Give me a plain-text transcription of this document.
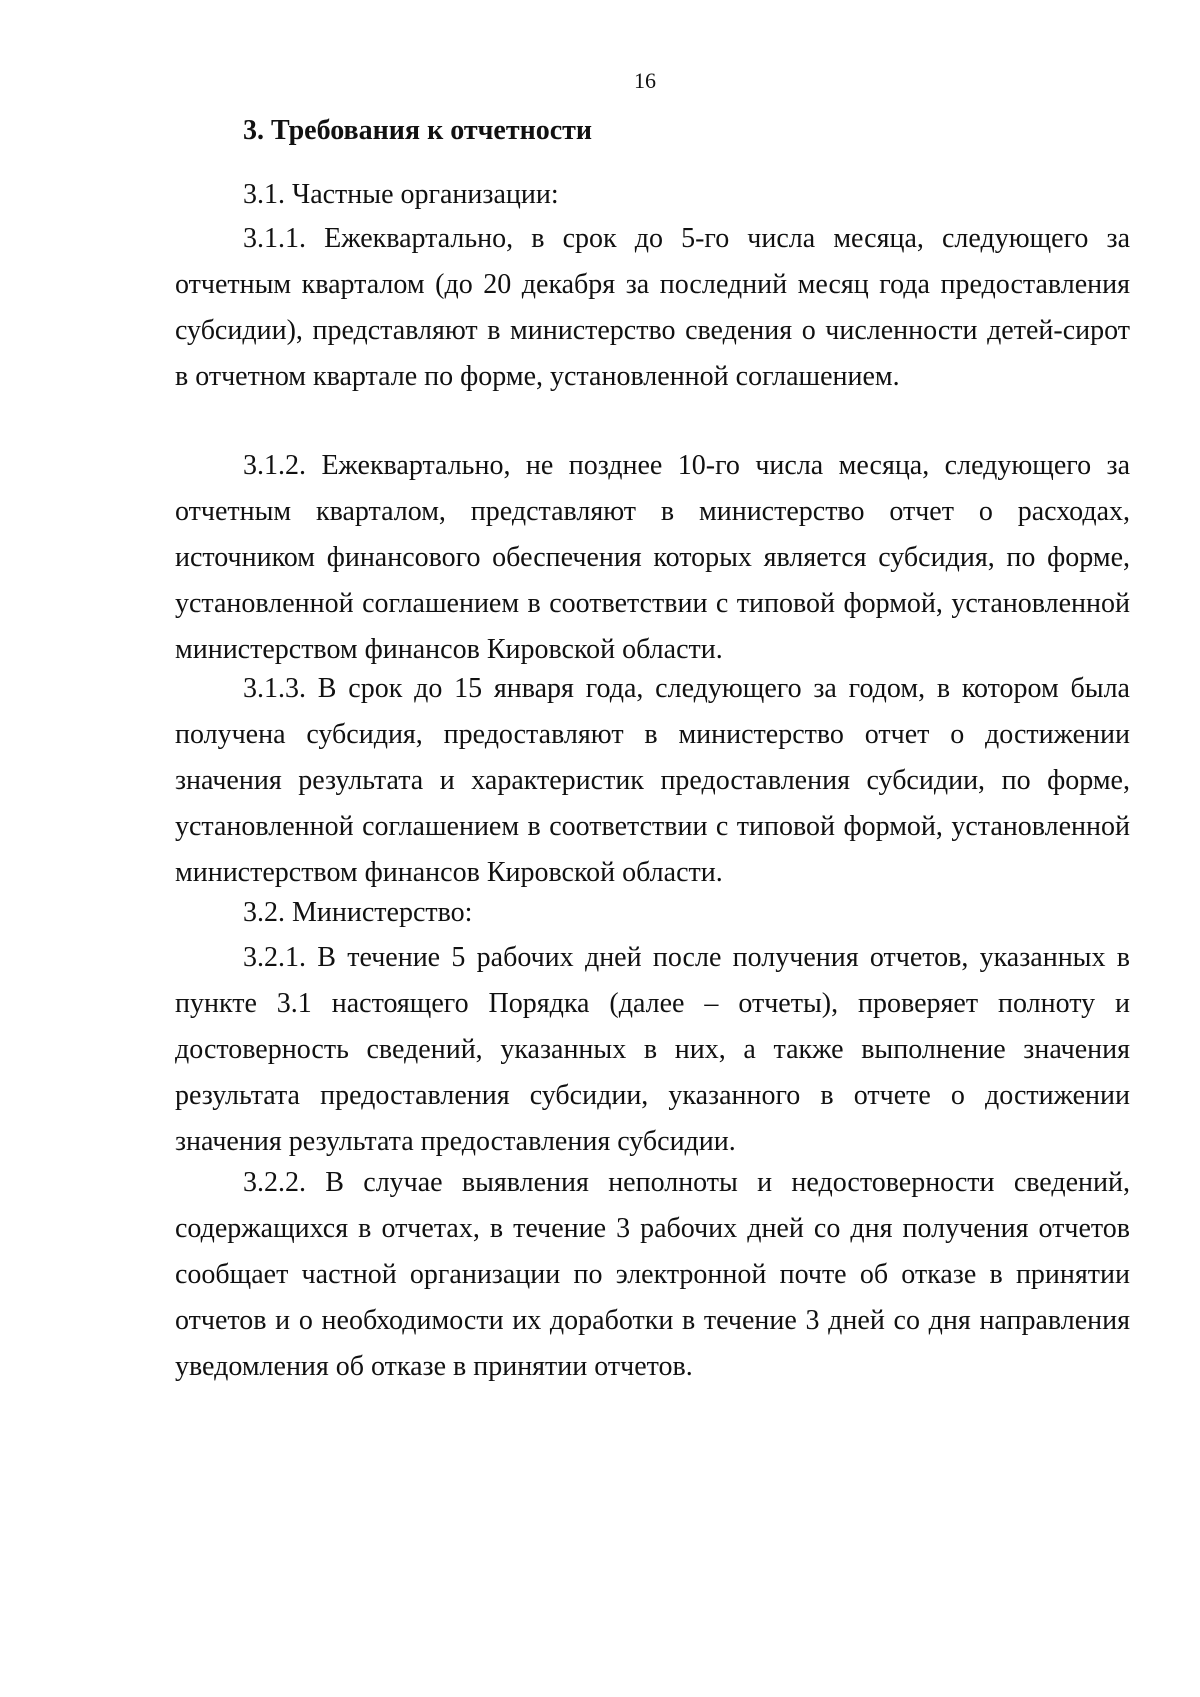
16
3. Требования к отчетности

3.1. Частные организации:

3.1.1. Ежеквартально, в срок до 5-го числа месяца, следующего за отчетным кварталом (до 20 декабря за последний месяц года предоставления субсидии), представляют в министерство сведения о численности детей-сирот в отчетном квартале по форме, установленной соглашением.

3.1.2. Ежеквартально, не позднее 10-го числа месяца, следующего за отчетным кварталом, представляют в министерство отчет о расходах, источником финансового обеспечения которых является субсидия, по форме, установленной соглашением в соответствии с типовой формой, установленной министерством финансов Кировской области.

3.1.3. В срок до 15 января года, следующего за годом, в котором была получена субсидия, предоставляют в министерство отчет о достижении значения результата и характеристик предоставления субсидии, по форме, установленной соглашением в соответствии с типовой формой, установленной министерством финансов Кировской области.

3.2. Министерство:

3.2.1. В течение 5 рабочих дней после получения отчетов, указанных в пункте 3.1 настоящего Порядка (далее – отчеты), проверяет полноту и достоверность сведений, указанных в них, а также выполнение значения результата предоставления субсидии, указанного в отчете о достижении значения результата предоставления субсидии.

3.2.2. В случае выявления неполноты и недостоверности сведений, содержащихся в отчетах, в течение 3 рабочих дней со дня получения отчетов сообщает частной организации по электронной почте об отказе в принятии отчетов и о необходимости их доработки в течение 3 дней со дня направления уведомления об отказе в принятии отчетов.
